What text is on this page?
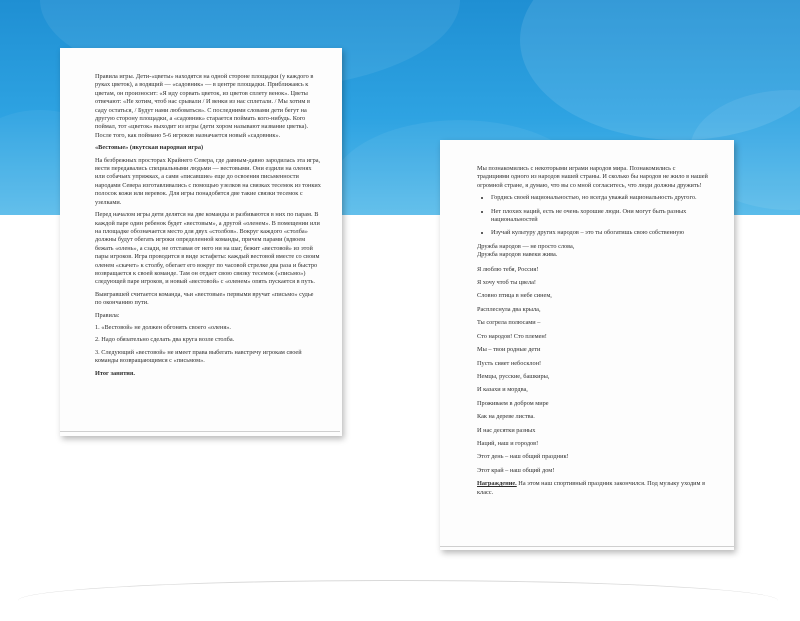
Правила игры. Дети-«цветы» находятся на одной стороне площадки (у каждого в руках цветок), а водящий — «садовник» — в центре площадки. Приближаясь к цветам, он произносит: «Я иду сорвать цветок, из цветов сплету венок». Цветы отвечают: «Не хотим, чтоб нас срывали / И венки из нас сплетали. / Мы хотим в саду остаться, / Будут нами любоваться». С последними словами дети бегут на другую сторону площадки, а «садовник» старается поймать кого-нибудь. Кого поймал, тот «цветок» выходит из игры (дети хором называют название цветка). После того, как поймано 5-6 игроков назначается новый «садовник».

«Вестовые» (якутская народная игра)

На безбрежных просторах Крайнего Севера, где давным-давно зародилась эта игра, вести передавались специальными людьми — вестовыми. Они ездили на оленях или собачьих упряжках, а сами «писавшие» еще до освоения письменности народами Севера изготавливались с помощью узелков на связках тесемок из тонких полосок кожи или веревок. Для игры понадобятся две такие связки тесемок с узелками.

Перед началом игры дети делятся на две команды и разбиваются в них по парам. В каждой паре один ребенок будет «вестовым», а другой «оленем». В помещении или на площадке обозначается место для двух «столбов». Вокруг каждого «столба» должны будут обегать игроки определенной команды, причем парами (вдвоем бежать «олень», а сзади, не отставая от него ни на шаг, бежит «вестовой» из этой пары игроков. Игра проводится в виде эстафеты: каждый вестовой вместе со своим оленем «скачет» к столбу, обегает его вокруг по часовой стрелке два раза и быстро возвращается к своей команде. Там он отдает свою связку тесемок («письмо») следующей паре игроков, и новый «вестовой» с «оленем» опять пускается в путь.

Выигравшей считается команда, чьи «вестовые» первыми вручат «письмо» судье по окончанию пути.

Правила:

1. «Вестовой» не должен обгонять своего «оленя».

2. Надо обязательно сделать два круга возле столба.

3. Следующий «вестовой» не имеет права выбегать навстречу игрокам своей команды возвращающимся с «письмом».

Итог занятия.

Мы познакомились с некоторыми играми народов мира. Познакомились с традициями одного из народов нашей страны. И сколько бы народов не жило в нашей огромной стране, я думаю, что вы со мной согласитесь, что люди должны дружить!

• Гордись своей национальностью, но всегда уважай национальность другого.
• Нет плохих наций, есть не очень хорошие люди. Они могут быть разных национальностей
• Изучай культуру других народов – это ты обогатишь свою собственную

Дружба народов — не просто слова,
Дружба народов навеки жива.

Я люблю тебя, Россия!

Я хочу чтоб ты цвела!

Словно птица в небе синем,

Расплеснула два крыла,

Ты согрела полюсами –

Сто народов! Сто племен!

Мы – твои родные дети

Пусть сияет небосклон!

Немцы, русские, башкиры,

И казахи и мордва,

Проживаем в добром мире

Как на дереве листва.

И нас десятки разных

Наций, наш и городов!

Этот день – наш общий праздник!

Этот край – наш общий дом!

Награждение. На этом наш спортивный праздник закончился. Под музыку уходим в класс.
